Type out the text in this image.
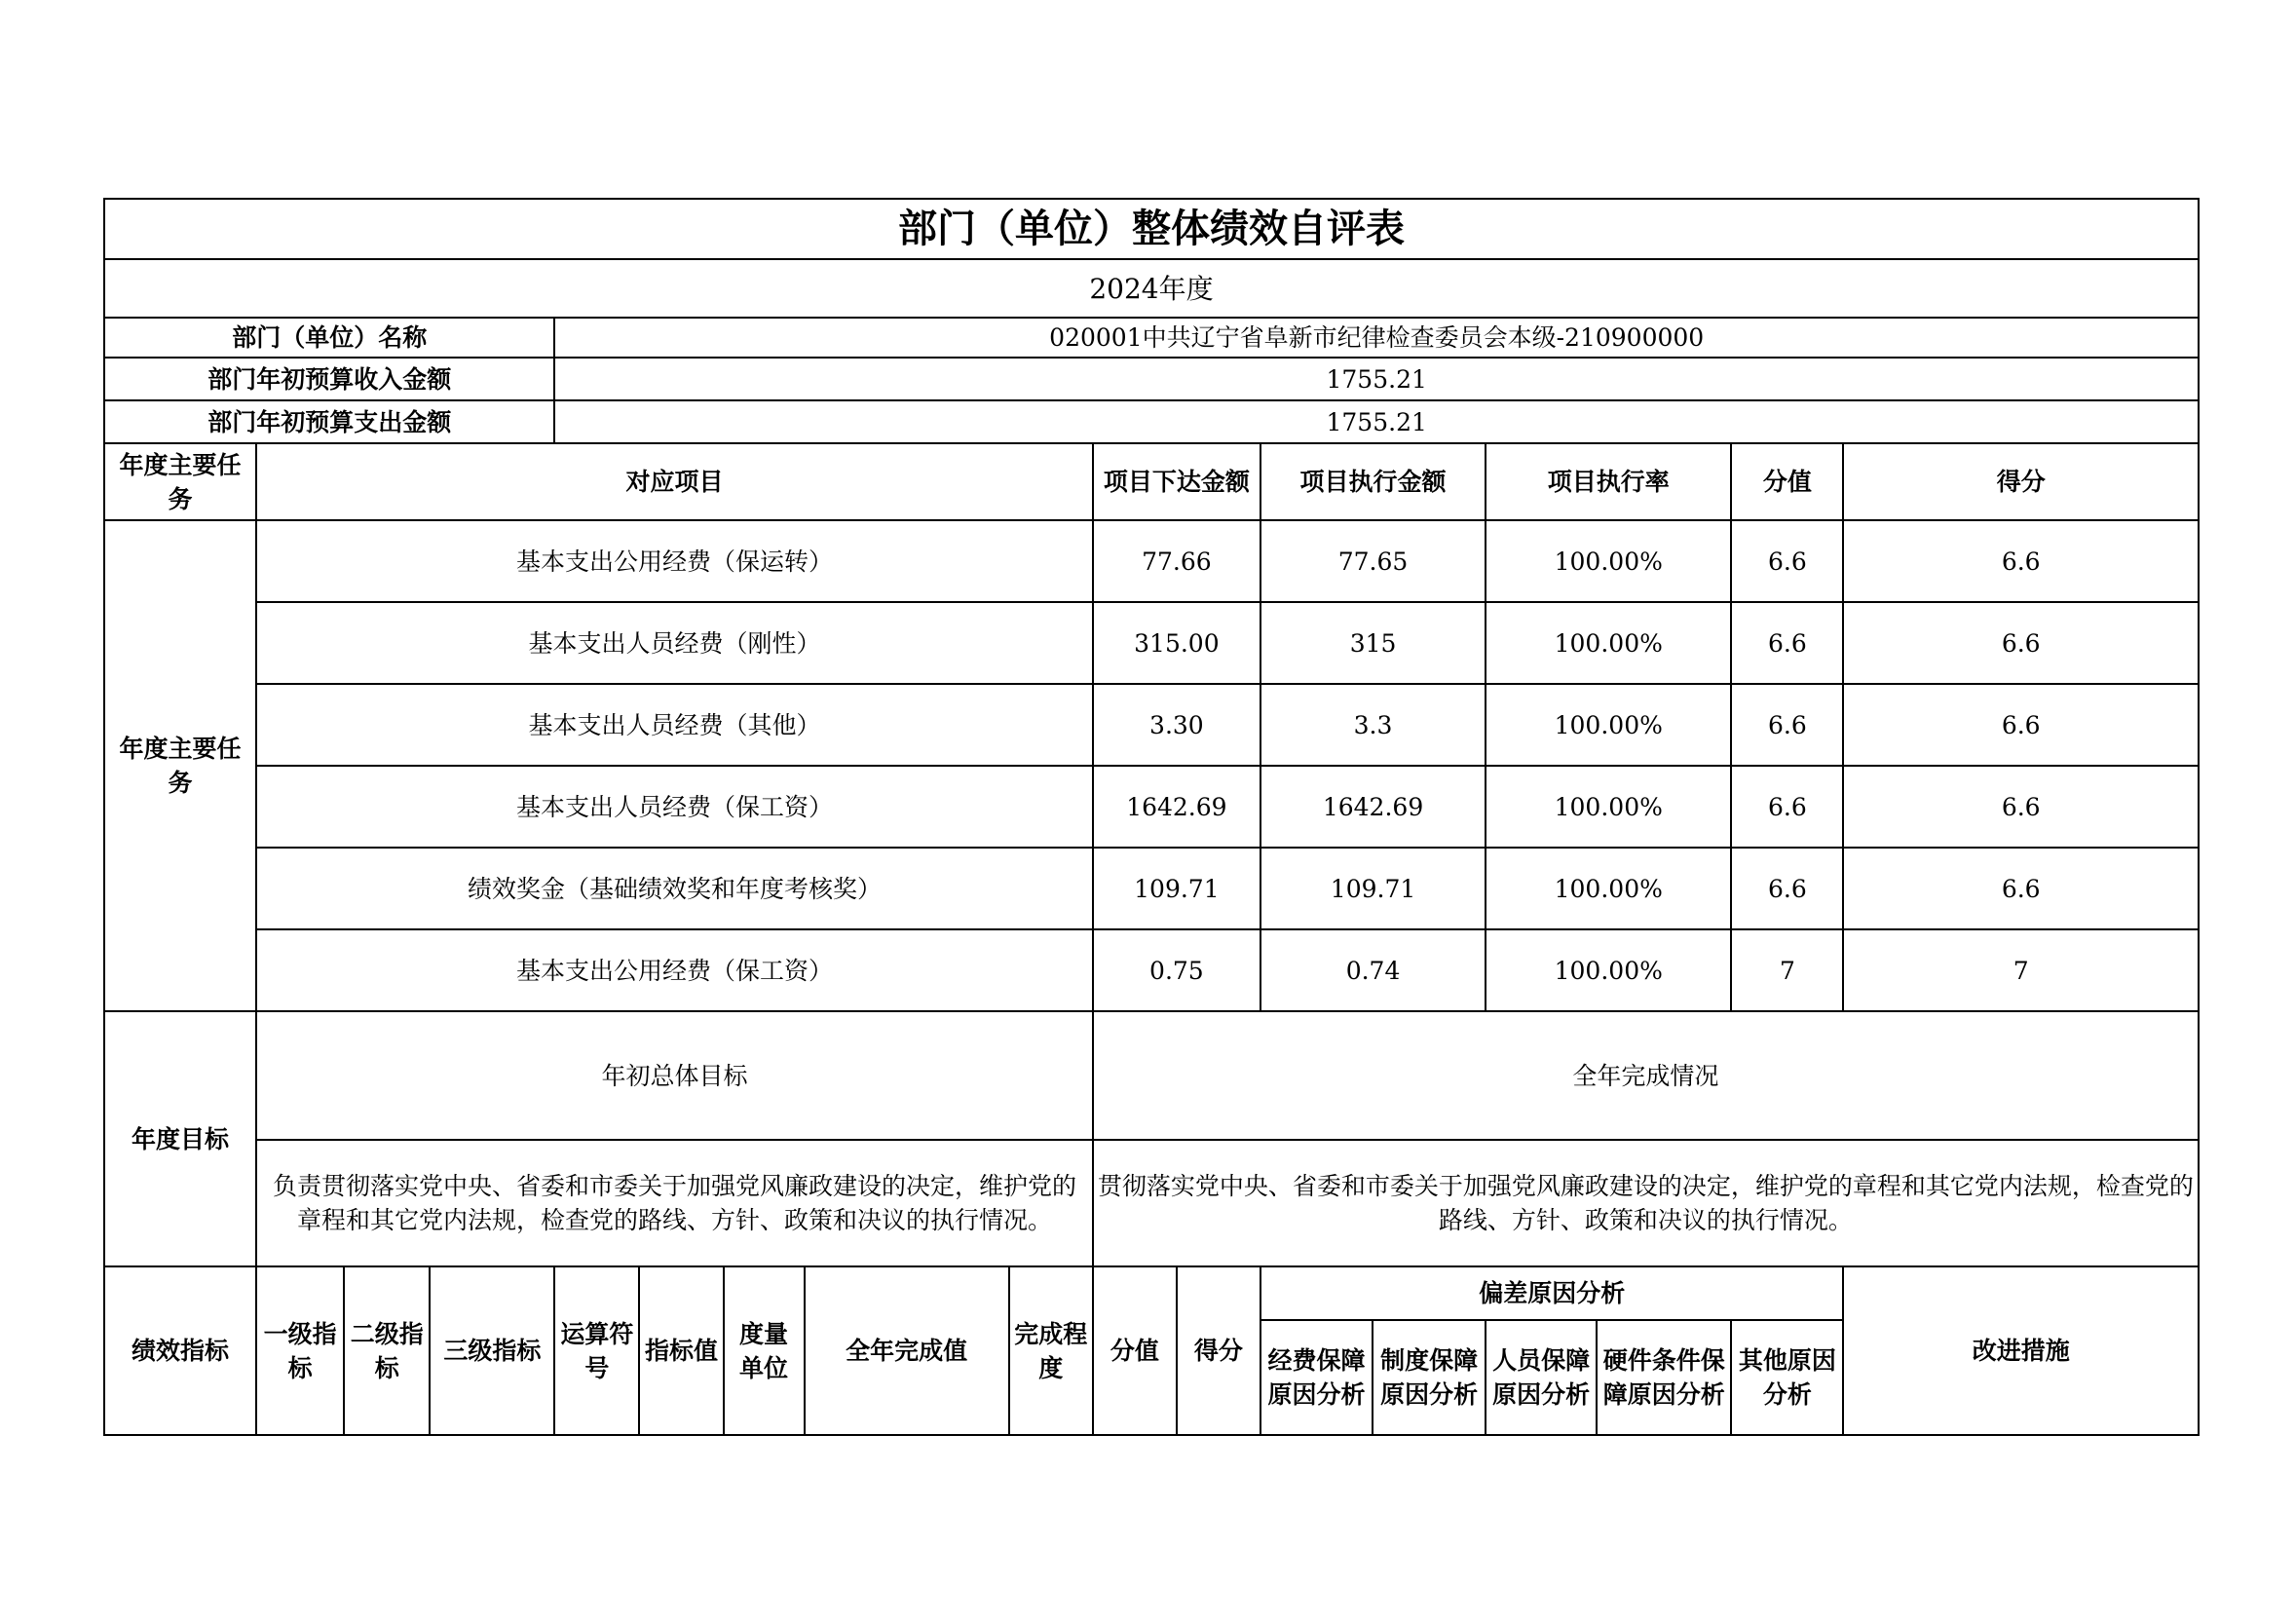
部门（单位）整体绩效自评表																
2024年度																
部门（单位）名称				020001中共辽宁省阜新市纪律检查委员会本级-210900000												
部门年初预算收入金额				1755.21												
部门年初预算支出金额				1755.21												
年度主要任务	对应项目								项目下达金额		项目执行金额		项目执行率		分值	得分
年度主要任务	基本支出公用经费（保运转）								77.66		77.65		100.00%		6.6	6.6
	基本支出人员经费（刚性）								315.00		315		100.00%		6.6	6.6
	基本支出人员经费（其他）								3.30		3.3		100.00%		6.6	6.6
	基本支出人员经费（保工资）								1642.69		1642.69		100.00%		6.6	6.6
	绩效奖金（基础绩效奖和年度考核奖）								109.71		109.71		100.00%		6.6	6.6
	基本支出公用经费（保工资）								0.75		0.74		100.00%		7	7
年度目标	年初总体目标								全年完成情况							
	负责贯彻落实党中央、省委和市委关于加强党风廉政建设的决定，维护党的章程和其它党内法规，检查党的路线、方针、政策和决议的执行情况。								贯彻落实党中央、省委和市委关于加强党风廉政建设的决定，维护党的章程和其它党内法规，检查党的路线、方针、政策和决议的执行情况。							
绩效指标	一级指标	二级指标	三级指标	运算符号	指标值	度量单位	全年完成值	完成程度	分值	得分	偏差原因分析					改进措施
											经费保障原因分析	制度保障原因分析	人员保障原因分析	硬件条件保障原因分析	其他原因分析	
